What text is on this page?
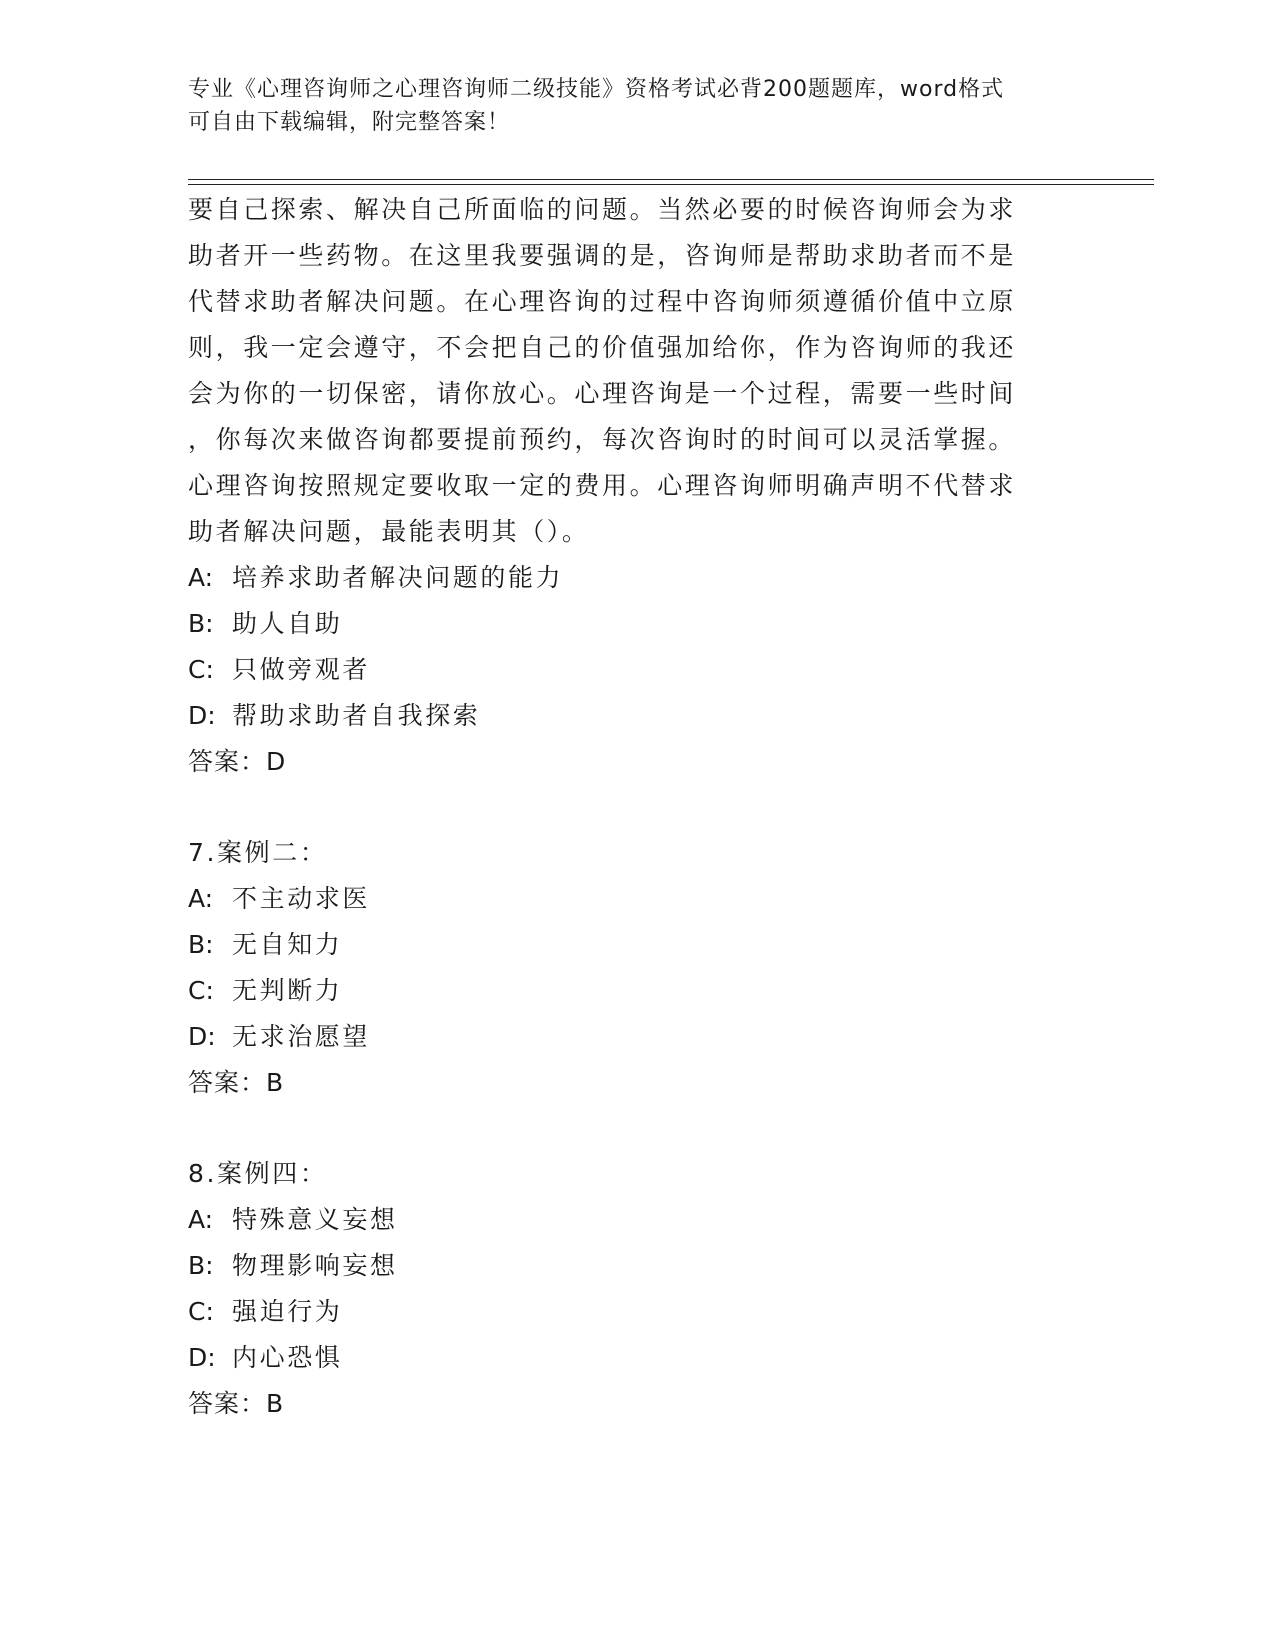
专业《心理咨询师之心理咨询师二级技能》资格考试必背200题题库，word格式
可自由下载编辑，附完整答案！
要自己探索、解决自己所面临的问题。当然必要的时候咨询师会为求
助者开一些药物。在这里我要强调的是，咨询师是帮助求助者而不是
代替求助者解决问题。在心理咨询的过程中咨询师须遵循价值中立原
则，我一定会遵守，不会把自己的价值强加给你，作为咨询师的我还
会为你的一切保密，请你放心。心理咨询是一个过程，需要一些时间
，你每次来做咨询都要提前预约，每次咨询时的时间可以灵活掌握。
心理咨询按照规定要收取一定的费用。心理咨询师明确声明不代替求
助者解决问题，最能表明其（）。
A: 培养求助者解决问题的能力
B: 助人自助
C: 只做旁观者
D: 帮助求助者自我探索
答案：D
7.案例二：
A: 不主动求医
B: 无自知力
C: 无判断力
D: 无求治愿望
答案：B
8.案例四：
A: 特殊意义妄想
B: 物理影响妄想
C: 强迫行为
D: 内心恐惧
答案：B
